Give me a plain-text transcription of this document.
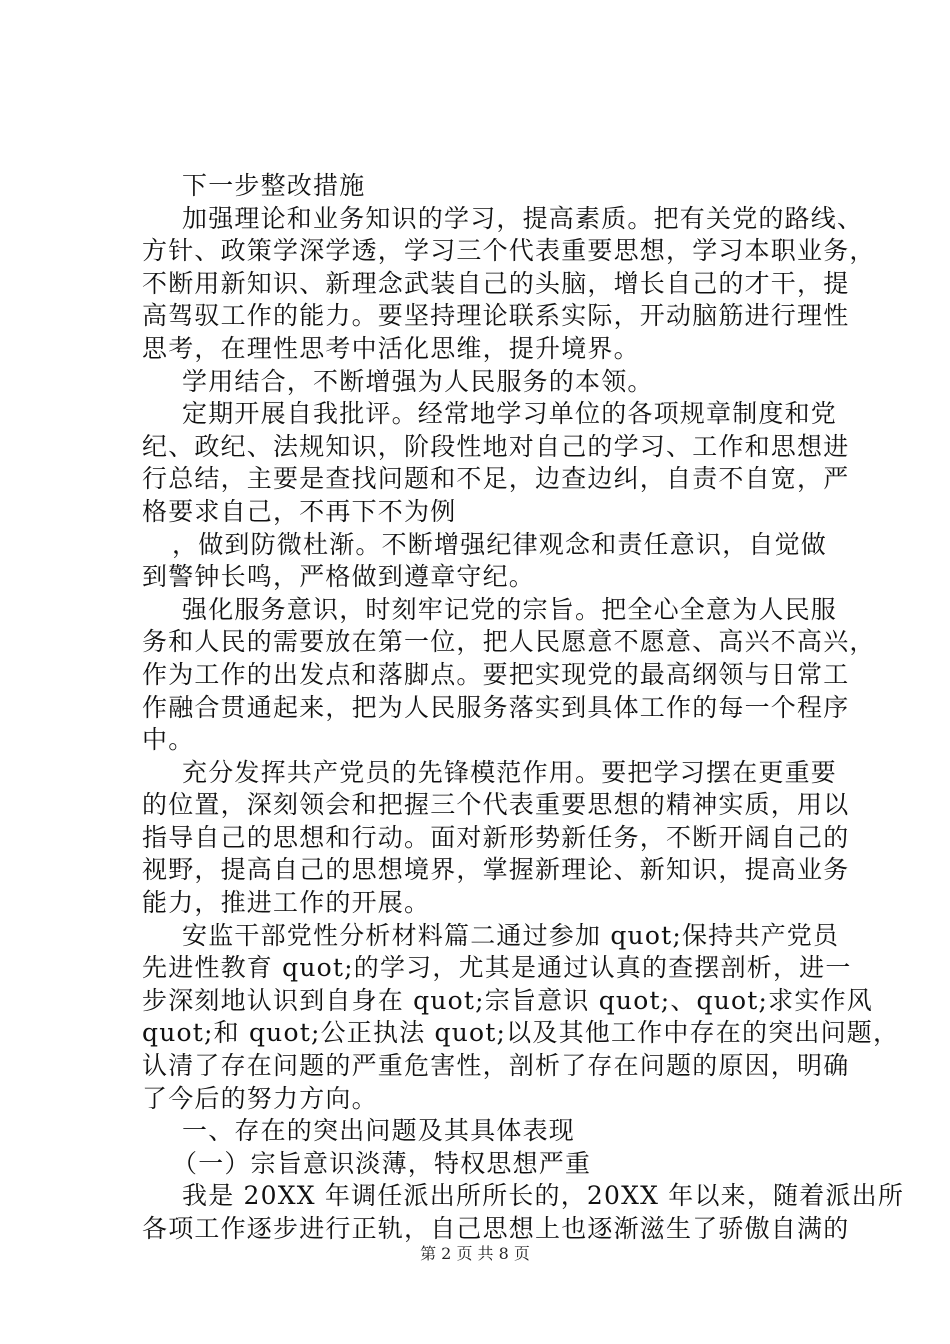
下一步整改措施
加强理论和业务知识的学习，提高素质。把有关党的路线、
方针、政策学深学透，学习三个代表重要思想，学习本职业务，
不断用新知识、新理念武装自己的头脑，增长自己的才干，提
高驾驭工作的能力。要坚持理论联系实际，开动脑筋进行理性
思考，在理性思考中活化思维，提升境界。
学用结合，不断增强为人民服务的本领。
定期开展自我批评。经常地学习单位的各项规章制度和党
纪、政纪、法规知识，阶段性地对自己的学习、工作和思想进
行总结，主要是查找问题和不足，边查边纠，自责不自宽，严
格要求自己，不再下不为例
，做到防微杜渐。不断增强纪律观念和责任意识，自觉做
到警钟长鸣，严格做到遵章守纪。
强化服务意识，时刻牢记党的宗旨。把全心全意为人民服
务和人民的需要放在第一位，把人民愿意不愿意、高兴不高兴，
作为工作的出发点和落脚点。要把实现党的最高纲领与日常工
作融合贯通起来，把为人民服务落实到具体工作的每一个程序
中。
充分发挥共产党员的先锋模范作用。要把学习摆在更重要
的位置，深刻领会和把握三个代表重要思想的精神实质，用以
指导自己的思想和行动。面对新形势新任务，不断开阔自己的
视野，提高自己的思想境界，掌握新理论、新知识，提高业务
能力，推进工作的开展。
安监干部党性分析材料篇二通过参加 quot;保持共产党员
先进性教育 quot;的学习，尤其是通过认真的查摆剖析，进一
步深刻地认识到自身在 quot;宗旨意识 quot;、quot;求实作风
quot;和 quot;公正执法 quot;以及其他工作中存在的突出问题，
认清了存在问题的严重危害性，剖析了存在问题的原因，明确
了今后的努力方向。
一、存在的突出问题及其具体表现
（一）宗旨意识淡薄，特权思想严重
我是 20XX 年调任派出所所长的，20XX 年以来，随着派出所
各项工作逐步进行正轨，自己思想上也逐渐滋生了骄傲自满的
第 2 页 共 8 页
